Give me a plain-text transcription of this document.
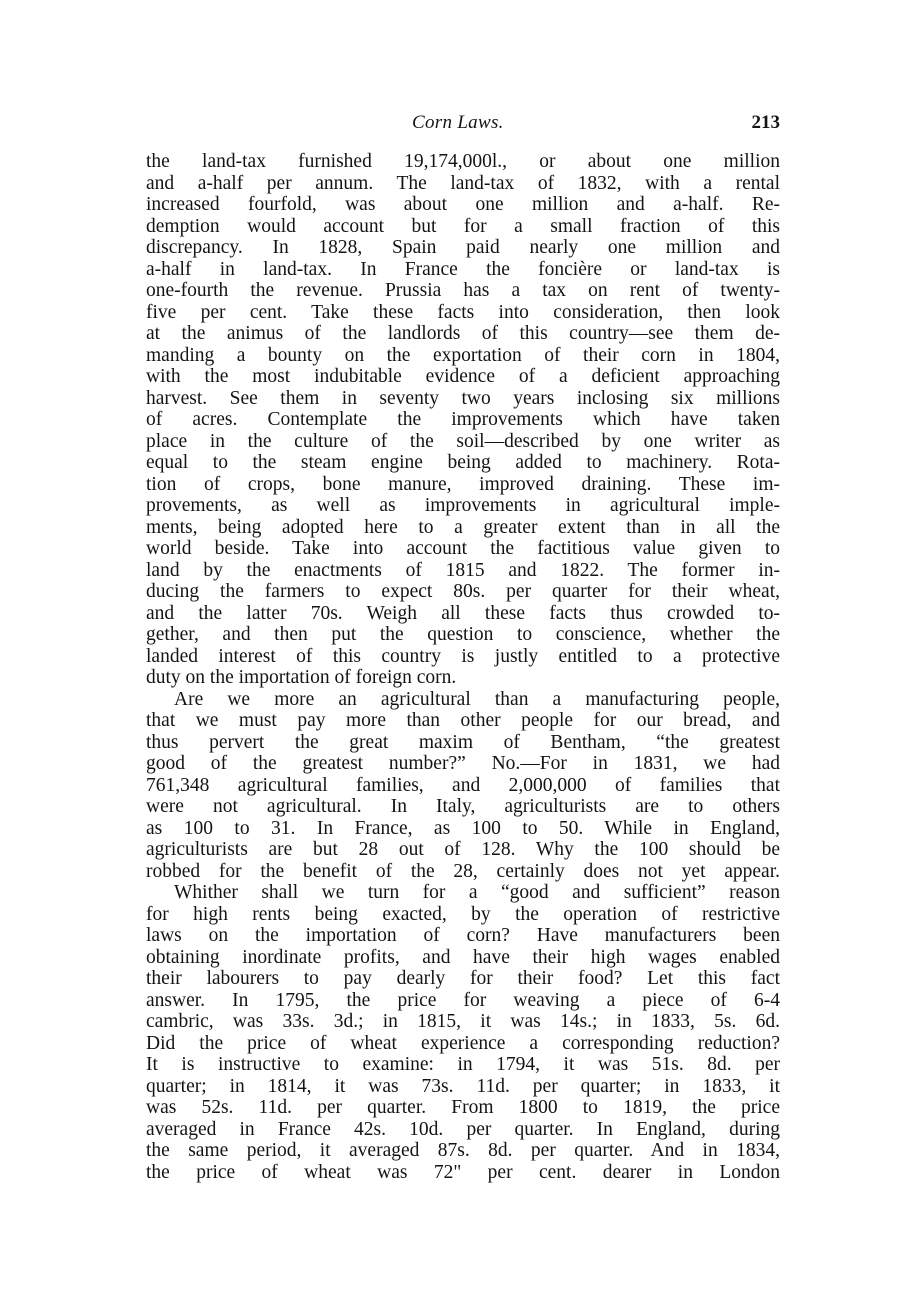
Corn Laws.	213
the land-tax furnished 19,174,000l., or about one million
and a-half per annum. The land-tax of 1832, with a rental
increased fourfold, was about one million and a-half. Re-
demption would account but for a small fraction of this
discrepancy. In 1828, Spain paid nearly one million and
a-half in land-tax. In France the foncière or land-tax is
one-fourth the revenue. Prussia has a tax on rent of twenty-
five per cent. Take these facts into consideration, then look
at the animus of the landlords of this country—see them de-
manding a bounty on the exportation of their corn in 1804,
with the most indubitable evidence of a deficient approaching
harvest. See them in seventy two years inclosing six millions
of acres. Contemplate the improvements which have taken
place in the culture of the soil—described by one writer as
equal to the steam engine being added to machinery. Rota-
tion of crops, bone manure, improved draining. These im-
provements, as well as improvements in agricultural imple-
ments, being adopted here to a greater extent than in all the
world beside. Take into account the factitious value given to
land by the enactments of 1815 and 1822. The former in-
ducing the farmers to expect 80s. per quarter for their wheat,
and the latter 70s. Weigh all these facts thus crowded to-
gether, and then put the question to conscience, whether the
landed interest of this country is justly entitled to a protective
duty on the importation of foreign corn.
Are we more an agricultural than a manufacturing people,
that we must pay more than other people for our bread, and
thus pervert the great maxim of Bentham, “the greatest
good of the greatest number?” No.—For in 1831, we had
761,348 agricultural families, and 2,000,000 of families that
were not agricultural. In Italy, agriculturists are to others
as 100 to 31. In France, as 100 to 50. While in England,
agriculturists are but 28 out of 128. Why the 100 should be
robbed for the benefit of the 28, certainly does not yet appear.
Whither shall we turn for a “good and sufficient” reason
for high rents being exacted, by the operation of restrictive
laws on the importation of corn? Have manufacturers been
obtaining inordinate profits, and have their high wages enabled
their labourers to pay dearly for their food? Let this fact
answer. In 1795, the price for weaving a piece of 6-4
cambric, was 33s. 3d.; in 1815, it was 14s.; in 1833, 5s. 6d.
Did the price of wheat experience a corresponding reduction?
It is instructive to examine: in 1794, it was 51s. 8d. per
quarter; in 1814, it was 73s. 11d. per quarter; in 1833, it
was 52s. 11d. per quarter. From 1800 to 1819, the price
averaged in France 42s. 10d. per quarter. In England, during
the same period, it averaged 87s. 8d. per quarter. And in 1834,
the price of wheat was 72" per cent. dearer in London
